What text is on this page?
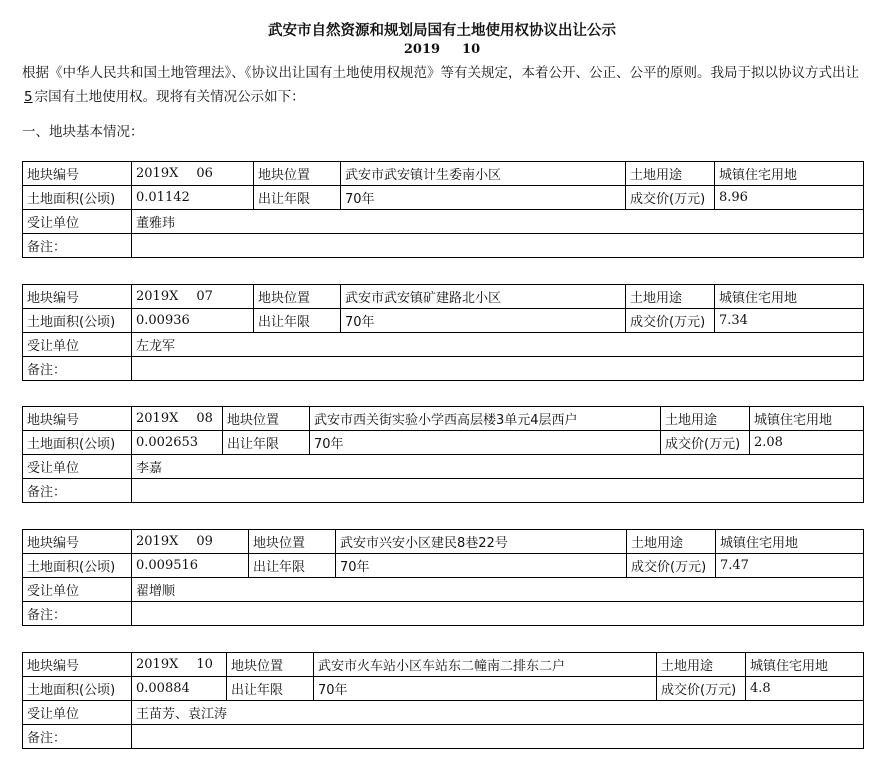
武安市自然资源和规划局国有土地使用权协议出让公示
2019 10

根据《中华人民共和国土地管理法》、《协议出让国有土地使用权规范》等有关规定，本着公开、公正、公平的原则。我局于拟以协议方式出让5 宗国有土地使用权。现将有关情况公示如下：

一、地块基本情况：

地块编号	2019X 06	地块位置	武安市武安镇计生委南小区	土地用途	城镇住宅用地
土地面积(公顷)	0.01142	出让年限	70年	成交价(万元)	8.96
受让单位	董雅玮				
备注：					
地块编号	2019X 07	地块位置	武安市武安镇矿建路北小区	土地用途	城镇住宅用地
土地面积(公顷)	0.00936	出让年限	70年	成交价(万元)	7.34
受让单位	左龙军				
备注：					
地块编号	2019X 08	地块位置	武安市西关街实验小学西高层楼3单元4层西户	土地用途	城镇住宅用地
土地面积(公顷)	0.002653	出让年限	70年	成交价(万元)	2.08
受让单位	李嘉				
备注：					
地块编号	2019X 09	地块位置	武安市兴安小区建民8巷22号	土地用途	城镇住宅用地
土地面积(公顷)	0.009516	出让年限	70年	成交价(万元)	7.47
受让单位	翟增顺				
备注：					
地块编号	2019X 10	地块位置	武安市火车站小区车站东二幢南二排东二户	土地用途	城镇住宅用地
土地面积(公顷)	0.00884	出让年限	70年	成交价(万元)	4.8
受让单位	王苗芳、袁江涛				
备注：					
